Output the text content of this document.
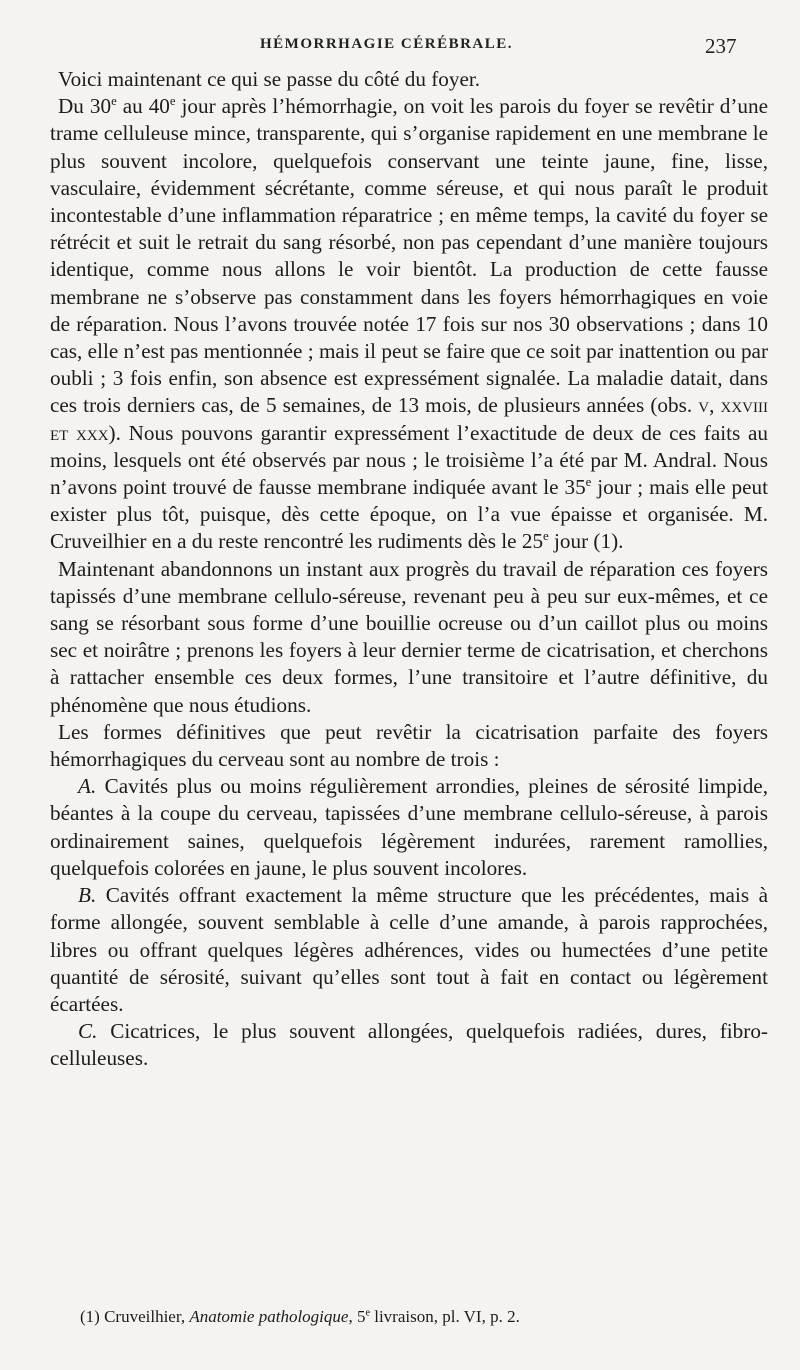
HÉMORRHAGIE CÉRÉBRALE.	237

Voici maintenant ce qui se passe du côté du foyer.

Du 30e au 40e jour après l’hémorrhagie, on voit les parois du foyer se revêtir d’une trame celluleuse mince, transparente, qui s’organise rapidement en une membrane le plus souvent incolore, quelquefois conservant une teinte jaune, fine, lisse, vasculaire, évidemment sécrétante, comme séreuse, et qui nous paraît le produit incontestable d’une inflammation réparatrice ; en même temps, la cavité du foyer se rétrécit et suit le retrait du sang résorbé, non pas cependant d’une manière toujours identique, comme nous allons le voir bientôt. La production de cette fausse membrane ne s’observe pas constamment dans les foyers hémorrhagiques en voie de réparation. Nous l’avons trouvée notée 17 fois sur nos 30 observations ; dans 10 cas, elle n’est pas mentionnée ; mais il peut se faire que ce soit par inattention ou par oubli ; 3 fois enfin, son absence est expressément signalée. La maladie datait, dans ces trois derniers cas, de 5 semaines, de 13 mois, de plusieurs années (obs. v, xxviii et xxx). Nous pouvons garantir expressément l’exactitude de deux de ces faits au moins, lesquels ont été observés par nous ; le troisième l’a été par M. Andral. Nous n’avons point trouvé de fausse membrane indiquée avant le 35e jour ; mais elle peut exister plus tôt, puisque, dès cette époque, on l’a vue épaisse et organisée. M. Cruveilhier en a du reste rencontré les rudiments dès le 25e jour (1).

Maintenant abandonnons un instant aux progrès du travail de réparation ces foyers tapissés d’une membrane cellulo-séreuse, revenant peu à peu sur eux-mêmes, et ce sang se résorbant sous forme d’une bouillie ocreuse ou d’un caillot plus ou moins sec et noirâtre ; prenons les foyers à leur dernier terme de cicatrisation, et cherchons à rattacher ensemble ces deux formes, l’une transitoire et l’autre définitive, du phénomène que nous étudions.

Les formes définitives que peut revêtir la cicatrisation parfaite des foyers hémorrhagiques du cerveau sont au nombre de trois :

A. Cavités plus ou moins régulièrement arrondies, pleines de sérosité limpide, béantes à la coupe du cerveau, tapissées d’une membrane cellulo-séreuse, à parois ordinairement saines, quelquefois légèrement indurées, rarement ramollies, quelquefois colorées en jaune, le plus souvent incolores.

B. Cavités offrant exactement la même structure que les précédentes, mais à forme allongée, souvent semblable à celle d’une amande, à parois rapprochées, libres ou offrant quelques légères adhérences, vides ou humectées d’une petite quantité de sérosité, suivant qu’elles sont tout à fait en contact ou légèrement écartées.

C. Cicatrices, le plus souvent allongées, quelquefois radiées, dures, fibro-celluleuses.

(1) Cruveilhier, Anatomie pathologique, 5e livraison, pl. VI, p. 2.
